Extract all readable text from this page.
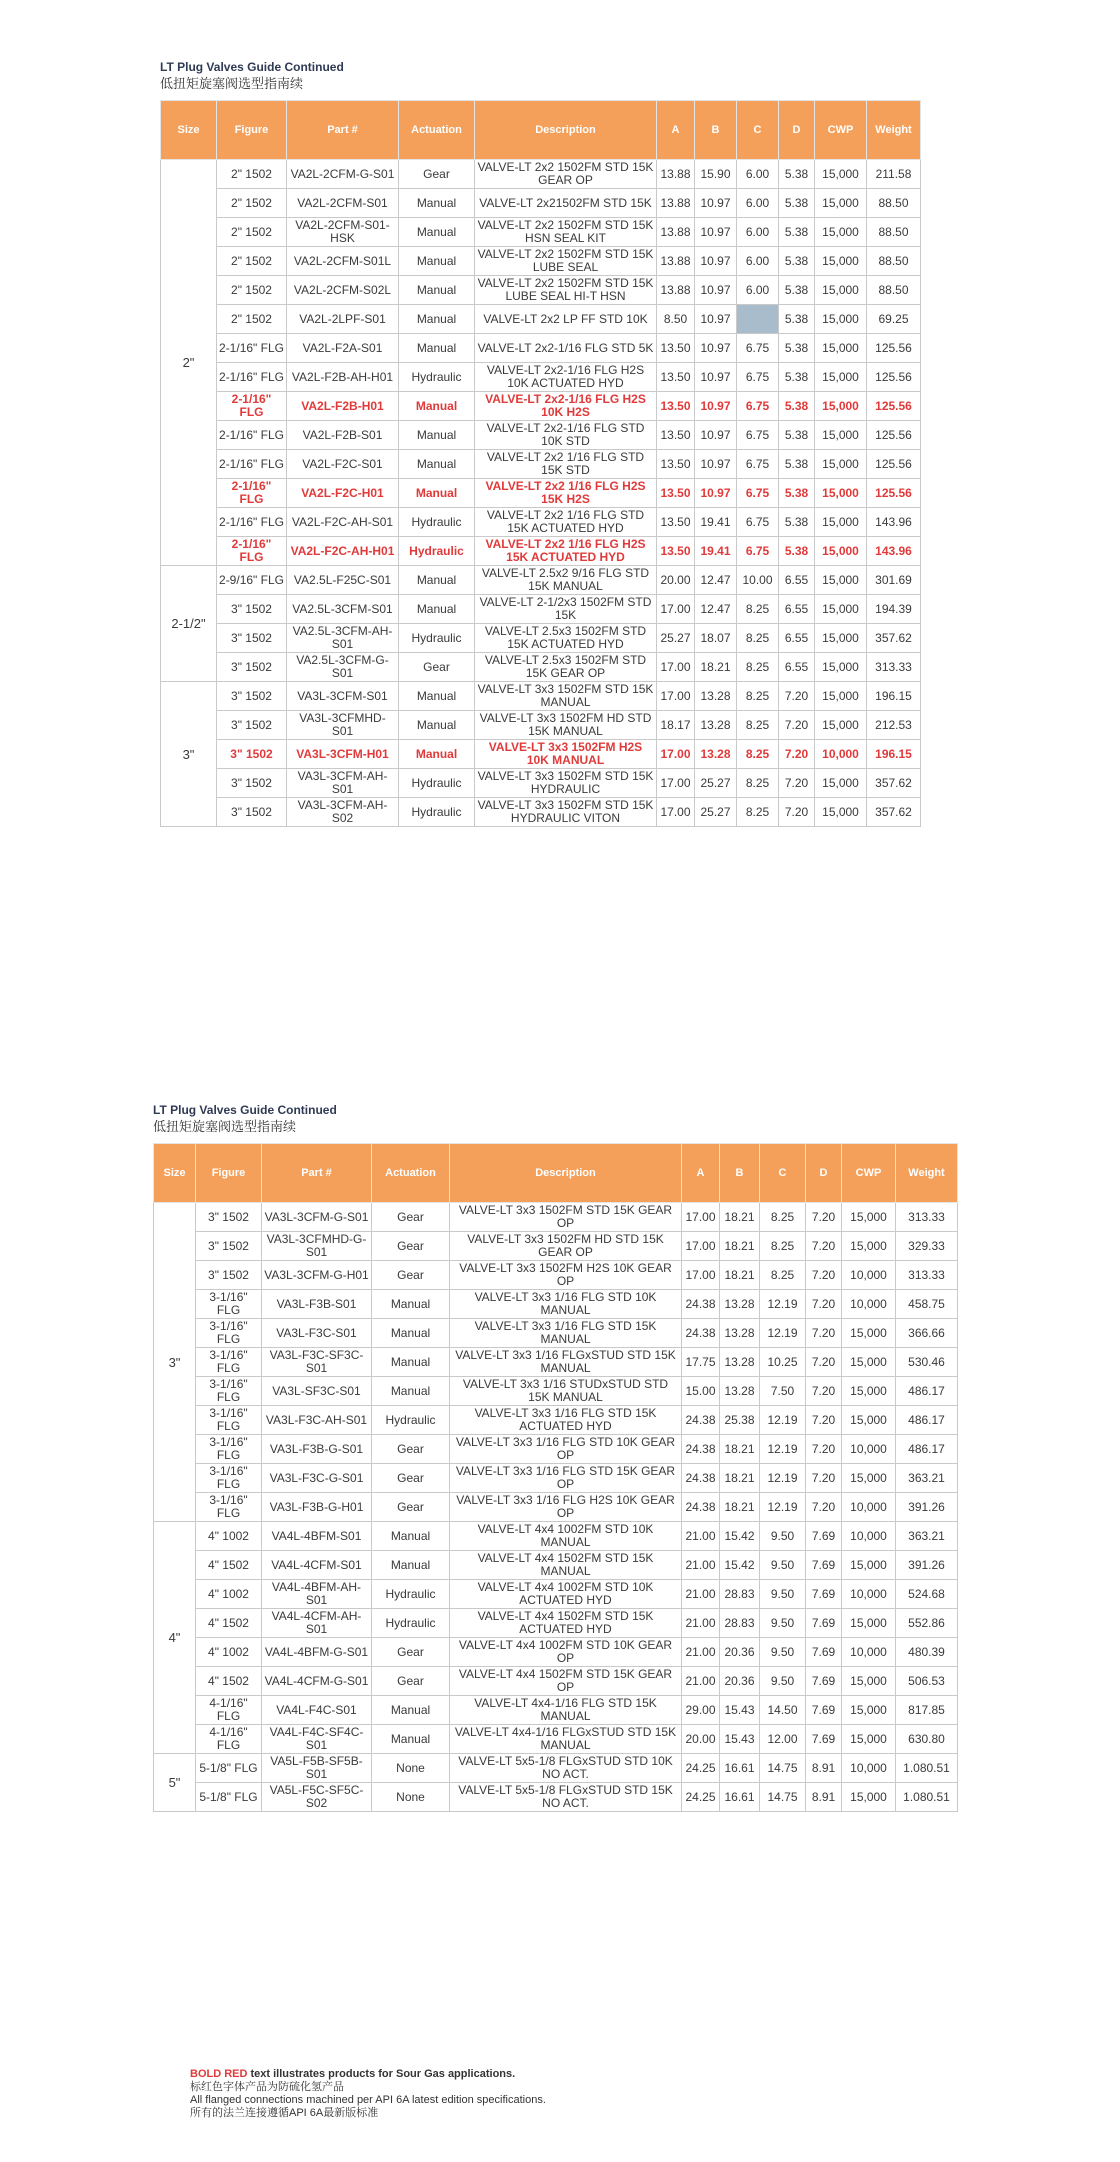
LT Plug Valves Guide Continued
低扭矩旋塞阀选型指南续
Size	Figure	Part #	Actuation	Description	A	B	C	D	CWP	Weight
2"	2" 1502	VA2L-2CFM-G-S01	Gear	VALVE-LT 2x2 1502FM STD 15K GEAR OP	13.88	15.90	6.00	5.38	15,000	211.58
	2" 1502	VA2L-2CFM-S01	Manual	VALVE-LT 2x21502FM STD 15K	13.88	10.97	6.00	5.38	15,000	88.50
	2" 1502	VA2L-2CFM-S01-HSK	Manual	VALVE-LT 2x2 1502FM STD 15K HSN SEAL KIT	13.88	10.97	6.00	5.38	15,000	88.50
	2" 1502	VA2L-2CFM-S01L	Manual	VALVE-LT 2x2 1502FM STD 15K LUBE SEAL	13.88	10.97	6.00	5.38	15,000	88.50
	2" 1502	VA2L-2CFM-S02L	Manual	VALVE-LT 2x2 1502FM STD 15K LUBE SEAL HI-T HSN	13.88	10.97	6.00	5.38	15,000	88.50
	2" 1502	VA2L-2LPF-S01	Manual	VALVE-LT 2x2 LP FF STD 10K	8.50	10.97		5.38	15,000	69.25
	2-1/16" FLG	VA2L-F2A-S01	Manual	VALVE-LT 2x2-1/16 FLG STD 5K	13.50	10.97	6.75	5.38	15,000	125.56
	2-1/16" FLG	VA2L-F2B-AH-H01	Hydraulic	VALVE-LT 2x2-1/16 FLG H2S 10K ACTUATED HYD	13.50	10.97	6.75	5.38	15,000	125.56
	2-1/16" FLG	VA2L-F2B-H01	Manual	VALVE-LT 2x2-1/16 FLG H2S 10K H2S	13.50	10.97	6.75	5.38	15,000	125.56
	2-1/16" FLG	VA2L-F2B-S01	Manual	VALVE-LT 2x2-1/16 FLG STD 10K STD	13.50	10.97	6.75	5.38	15,000	125.56
	2-1/16" FLG	VA2L-F2C-S01	Manual	VALVE-LT 2x2 1/16 FLG STD 15K STD	13.50	10.97	6.75	5.38	15,000	125.56
	2-1/16" FLG	VA2L-F2C-H01	Manual	VALVE-LT 2x2 1/16 FLG H2S 15K H2S	13.50	10.97	6.75	5.38	15,000	125.56
	2-1/16" FLG	VA2L-F2C-AH-S01	Hydraulic	VALVE-LT 2x2 1/16 FLG STD 15K ACTUATED HYD	13.50	19.41	6.75	5.38	15,000	143.96
	2-1/16" FLG	VA2L-F2C-AH-H01	Hydraulic	VALVE-LT 2x2 1/16 FLG H2S 15K ACTUATED HYD	13.50	19.41	6.75	5.38	15,000	143.96
2-1/2"	2-9/16" FLG	VA2.5L-F25C-S01	Manual	VALVE-LT 2.5x2 9/16 FLG STD 15K MANUAL	20.00	12.47	10.00	6.55	15,000	301.69
	3" 1502	VA2.5L-3CFM-S01	Manual	VALVE-LT 2-1/2x3 1502FM STD 15K	17.00	12.47	8.25	6.55	15,000	194.39
	3" 1502	VA2.5L-3CFM-AH-S01	Hydraulic	VALVE-LT 2.5x3 1502FM STD 15K ACTUATED HYD	25.27	18.07	8.25	6.55	15,000	357.62
	3" 1502	VA2.5L-3CFM-G-S01	Gear	VALVE-LT 2.5x3 1502FM STD 15K GEAR OP	17.00	18.21	8.25	6.55	15,000	313.33
3"	3" 1502	VA3L-3CFM-S01	Manual	VALVE-LT 3x3 1502FM STD 15K MANUAL	17.00	13.28	8.25	7.20	15,000	196.15
	3" 1502	VA3L-3CFMHD-S01	Manual	VALVE-LT 3x3 1502FM HD STD 15K MANUAL	18.17	13.28	8.25	7.20	15,000	212.53
	3" 1502	VA3L-3CFM-H01	Manual	VALVE-LT 3x3 1502FM H2S 10K MANUAL	17.00	13.28	8.25	7.20	10,000	196.15
	3" 1502	VA3L-3CFM-AH-S01	Hydraulic	VALVE-LT 3x3 1502FM STD 15K HYDRAULIC	17.00	25.27	8.25	7.20	15,000	357.62
	3" 1502	VA3L-3CFM-AH-S02	Hydraulic	VALVE-LT 3x3 1502FM STD 15K HYDRAULIC VITON	17.00	25.27	8.25	7.20	15,000	357.62
LT Plug Valves Guide Continued
低扭矩旋塞阀选型指南续
Size	Figure	Part #	Actuation	Description	A	B	C	D	CWP	Weight
3"	3" 1502	VA3L-3CFM-G-S01	Gear	VALVE-LT 3x3 1502FM STD 15K GEAR OP	17.00	18.21	8.25	7.20	15,000	313.33
	3" 1502	VA3L-3CFMHD-G-S01	Gear	VALVE-LT 3x3 1502FM HD STD 15K GEAR OP	17.00	18.21	8.25	7.20	15,000	329.33
	3" 1502	VA3L-3CFM-G-H01	Gear	VALVE-LT 3x3 1502FM H2S 10K GEAR OP	17.00	18.21	8.25	7.20	10,000	313.33
	3-1/16" FLG	VA3L-F3B-S01	Manual	VALVE-LT 3x3 1/16 FLG STD 10K MANUAL	24.38	13.28	12.19	7.20	10,000	458.75
	3-1/16" FLG	VA3L-F3C-S01	Manual	VALVE-LT 3x3 1/16 FLG STD 15K MANUAL	24.38	13.28	12.19	7.20	15,000	366.66
	3-1/16" FLG	VA3L-F3C-SF3C-S01	Manual	VALVE-LT 3x3 1/16 FLGxSTUD STD 15K MANUAL	17.75	13.28	10.25	7.20	15,000	530.46
	3-1/16" FLG	VA3L-SF3C-S01	Manual	VALVE-LT 3x3 1/16 STUDxSTUD STD 15K MANUAL	15.00	13.28	7.50	7.20	15,000	486.17
	3-1/16" FLG	VA3L-F3C-AH-S01	Hydraulic	VALVE-LT 3x3 1/16 FLG STD 15K ACTUATED HYD	24.38	25.38	12.19	7.20	15,000	486.17
	3-1/16" FLG	VA3L-F3B-G-S01	Gear	VALVE-LT 3x3 1/16 FLG STD 10K GEAR OP	24.38	18.21	12.19	7.20	10,000	486.17
	3-1/16" FLG	VA3L-F3C-G-S01	Gear	VALVE-LT 3x3 1/16 FLG STD 15K GEAR OP	24.38	18.21	12.19	7.20	15,000	363.21
	3-1/16" FLG	VA3L-F3B-G-H01	Gear	VALVE-LT 3x3 1/16 FLG H2S 10K GEAR OP	24.38	18.21	12.19	7.20	10,000	391.26
4"	4" 1002	VA4L-4BFM-S01	Manual	VALVE-LT 4x4 1002FM STD 10K MANUAL	21.00	15.42	9.50	7.69	10,000	363.21
	4" 1502	VA4L-4CFM-S01	Manual	VALVE-LT 4x4 1502FM STD 15K MANUAL	21.00	15.42	9.50	7.69	15,000	391.26
	4" 1002	VA4L-4BFM-AH-S01	Hydraulic	VALVE-LT 4x4 1002FM STD 10K ACTUATED HYD	21.00	28.83	9.50	7.69	10,000	524.68
	4" 1502	VA4L-4CFM-AH-S01	Hydraulic	VALVE-LT 4x4 1502FM STD 15K ACTUATED HYD	21.00	28.83	9.50	7.69	15,000	552.86
	4" 1002	VA4L-4BFM-G-S01	Gear	VALVE-LT 4x4 1002FM STD 10K GEAR OP	21.00	20.36	9.50	7.69	10,000	480.39
	4" 1502	VA4L-4CFM-G-S01	Gear	VALVE-LT 4x4 1502FM STD 15K GEAR OP	21.00	20.36	9.50	7.69	15,000	506.53
	4-1/16" FLG	VA4L-F4C-S01	Manual	VALVE-LT 4x4-1/16 FLG STD 15K MANUAL	29.00	15.43	14.50	7.69	15,000	817.85
	4-1/16" FLG	VA4L-F4C-SF4C-S01	Manual	VALVE-LT 4x4-1/16 FLGxSTUD STD 15K MANUAL	20.00	15.43	12.00	7.69	15,000	630.80
5"	5-1/8" FLG	VA5L-F5B-SF5B-S01	None	VALVE-LT 5x5-1/8 FLGxSTUD STD 10K NO ACT.	24.25	16.61	14.75	8.91	10,000	1.080.51
	5-1/8" FLG	VA5L-F5C-SF5C-S02	None	VALVE-LT 5x5-1/8 FLGxSTUD STD 15K NO ACT.	24.25	16.61	14.75	8.91	15,000	1.080.51
BOLD RED text illustrates products for Sour Gas applications.
标红色字体产品为防硫化氢产品
All flanged connections machined per API 6A latest edition specifications.
所有的法兰连接遵循API 6A最新版标准
